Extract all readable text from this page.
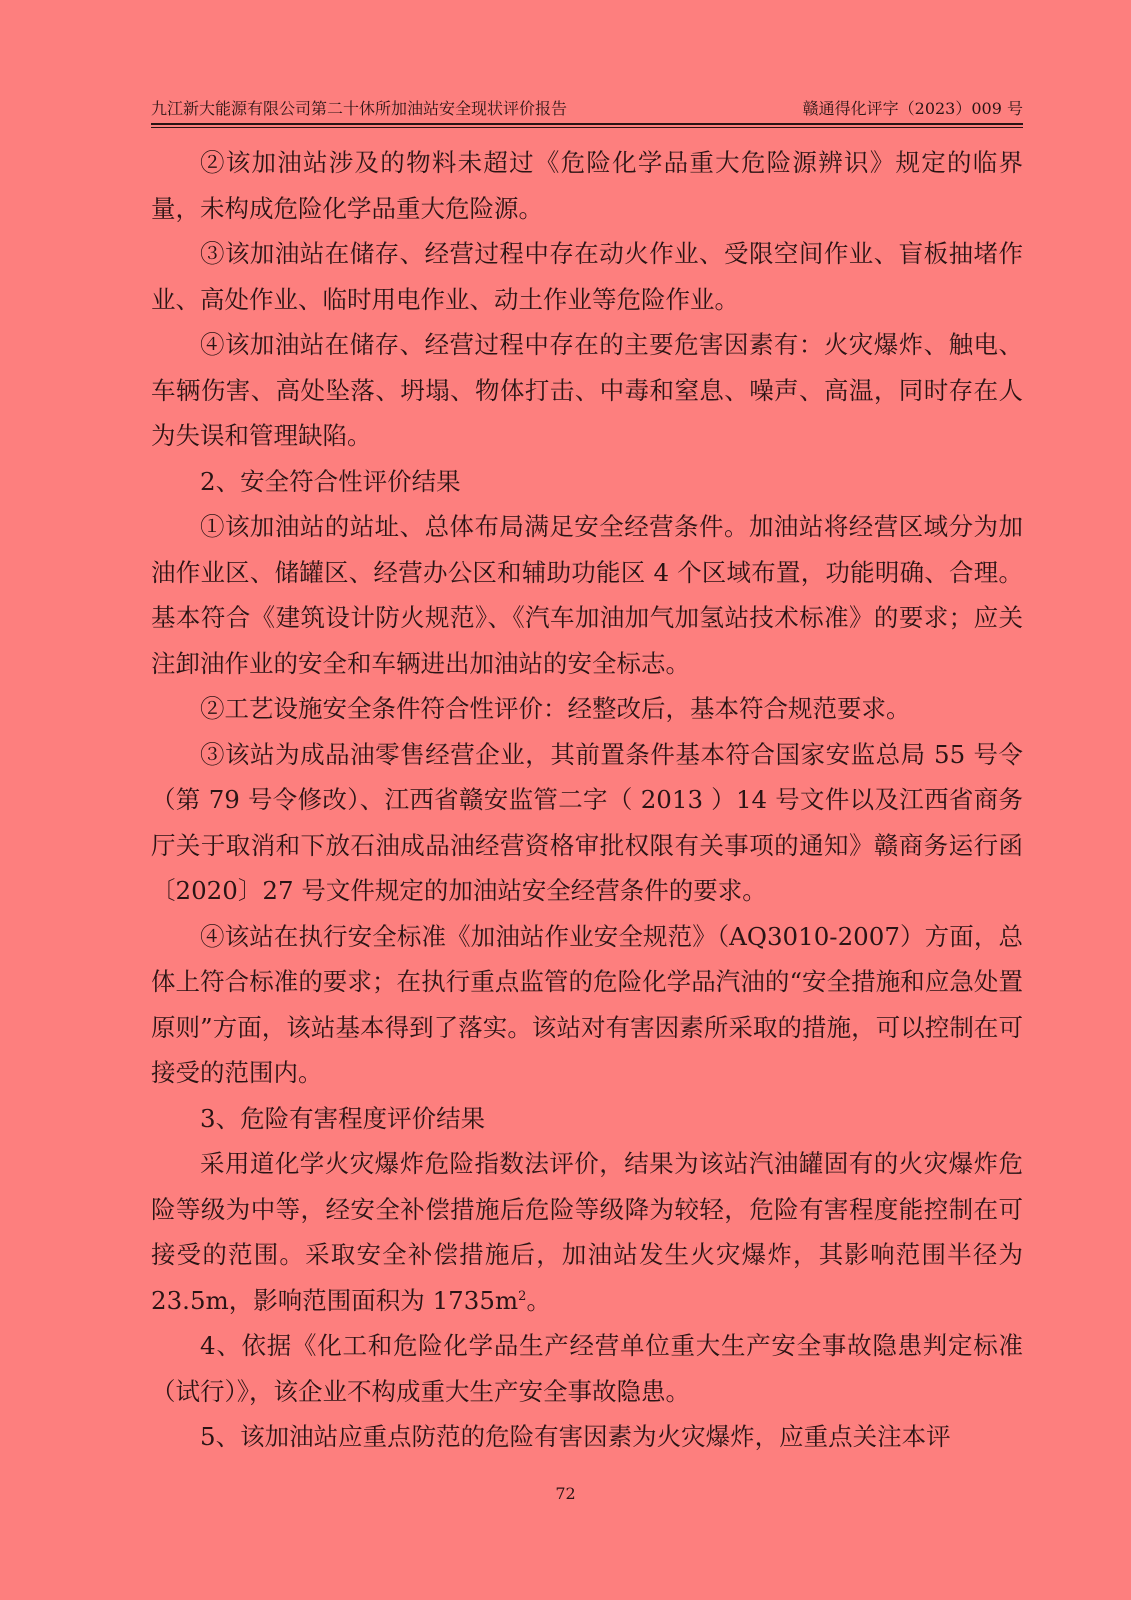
九江新大能源有限公司第二十休所加油站安全现状评价报告	赣通得化评字（2023）009 号

②该加油站涉及的物料未超过《危险化学品重大危险源辨识》规定的临界量，未构成危险化学品重大危险源。

③该加油站在储存、经营过程中存在动火作业、受限空间作业、盲板抽堵作业、高处作业、临时用电作业、动土作业等危险作业。

④该加油站在储存、经营过程中存在的主要危害因素有：火灾爆炸、触电、车辆伤害、高处坠落、坍塌、物体打击、中毒和窒息、噪声、高温，同时存在人为失误和管理缺陷。

2、安全符合性评价结果

①该加油站的站址、总体布局满足安全经营条件。加油站将经营区域分为加油作业区、储罐区、经营办公区和辅助功能区 4 个区域布置，功能明确、合理。基本符合《建筑设计防火规范》、《汽车加油加气加氢站技术标准》的要求；应关注卸油作业的安全和车辆进出加油站的安全标志。

②工艺设施安全条件符合性评价：经整改后，基本符合规范要求。

③该站为成品油零售经营企业，其前置条件基本符合国家安监总局 55 号令（第 79 号令修改）、江西省赣安监管二字（ 2013 ）14 号文件以及江西省商务厅关于取消和下放石油成品油经营资格审批权限有关事项的通知》赣商务运行函〔2020〕27 号文件规定的加油站安全经营条件的要求。

④该站在执行安全标准《加油站作业安全规范》（AQ3010-2007）方面，总体上符合标准的要求；在执行重点监管的危险化学品汽油的“安全措施和应急处置原则”方面，该站基本得到了落实。该站对有害因素所采取的措施，可以控制在可接受的范围内。

3、危险有害程度评价结果

采用道化学火灾爆炸危险指数法评价，结果为该站汽油罐固有的火灾爆炸危险等级为中等，经安全补偿措施后危险等级降为较轻，危险有害程度能控制在可接受的范围。采取安全补偿措施后，加油站发生火灾爆炸，其影响范围半径为 23.5m，影响范围面积为 $1735m^2$。

4、依据《化工和危险化学品生产经营单位重大生产安全事故隐患判定标准（试行）》，该企业不构成重大生产安全事故隐患。

5、该加油站应重点防范的危险有害因素为火灾爆炸，应重点关注本评

72
